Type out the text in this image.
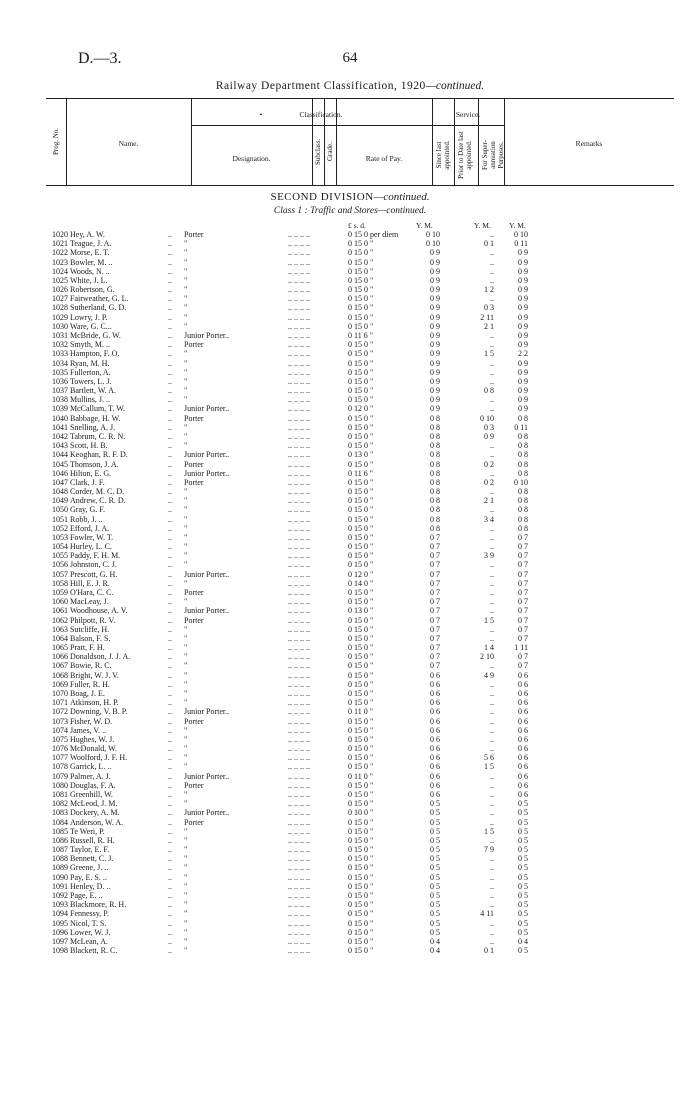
D.—3.	64
Railway Department Classification, 1920—continued.
Prog. No.	Name.
•	Classification.	Service.
Designation.	Subclass. Grade.	Rate of Pay.	Since last appointed. Prior to Date last appointed. For Super-annuation Purposes.	Remarks
SECOND DIVISION—continued.
Class 1 : Traffic and Stores—continued.
£ s. d.	Y. M.	Y. M. Y. M.
1020 Hey, A. W.	.. Porter	.. .. .. ..	0 15 0 per diem	0 10	..	0 10
1021 Teague, J. A.	.. "	.. .. .. ..	0 15 0 "	0 10	0 1	0 11
1022 Morse, E. T.	.. "	.. .. .. ..	0 15 0 "	0 9	..	0 9
1023 Bowler, M. ..	.. "	.. .. .. ..	0 15 0 "	0 9	..	0 9
1024 Woods, N. ..	.. "	.. .. .. ..	0 15 0 "	0 9	..	0 9
1025 White, J. L.	.. "	.. .. .. ..	0 15 0 "	0 9	..	0 9
1026 Robertson, G.	.. "	.. .. .. ..	0 15 0 "	0 9	1 2	0 9
1027 Fairweather, G. L.	.. "	.. .. .. ..	0 15 0 "	0 9	..	0 9
1028 Sutherland, G. D.	.. "	.. .. .. ..	0 15 0 "	0 9	0 3	0 9
1029 Lowry, J. P.	.. "	.. .. .. ..	0 15 0 "	0 9	2 11	0 9
1030 Ware, G. C...	.. "	.. .. .. ..	0 15 0 "	0 9	2 1	0 9
1031 McBride, G. W.	.. Junior Porter..	.. .. .. ..	0 11 6 "	0 9	..	0 9
1032 Smyth, M. ..	.. Porter	.. .. .. ..	0 15 0 "	0 9	..	0 9
1033 Hampton, F. O.	.. "	.. .. .. ..	0 15 0 "	0 9	1 5	2 2
1034 Ryan, M. H.	.. "	.. .. .. ..	0 15 0 "	0 9	..	0 9
1035 Fullerton, A.	.. "	.. .. .. ..	0 15 0 "	0 9	..	0 9
1036 Towers, L. J.	.. "	.. .. .. ..	0 15 0 "	0 9	..	0 9
1037 Bartlett, W. A.	.. "	.. .. .. ..	0 15 0 "	0 9	0 8	0 9
1038 Mullins, J. ..	.. "	.. .. .. ..	0 15 0 "	0 9	..	0 9
1039 McCallum, T. W.	.. Junior Porter..	.. .. .. ..	0 12 0 "	0 9	..	0 9
1040 Babbage, H. W.	.. Porter	.. .. .. ..	0 15 0 "	0 8	0 10	0 8
1041 Snelling, A. J.	.. "	.. .. .. ..	0 15 0 "	0 8	0 3	0 11
1042 Tabrum, C. R. N.	.. "	.. .. .. ..	0 15 0 "	0 8	0 9	0 8
1043 Scott, H. B.	.. "	.. .. .. ..	0 15 0 "	0 8	..	0 8
1044 Keoghan, R. F. D.	.. Junior Porter..	.. .. .. ..	0 13 0 "	0 8	..	0 8
1045 Thomson, J. A.	.. Porter	.. .. .. ..	0 15 0 "	0 8	0 2	0 8
1046 Hilton, E. G.	.. Junior Porter..	.. .. .. ..	0 11 6 "	0 8	..	0 8
1047 Clark, J. F.	.. Porter	.. .. .. ..	0 15 0 "	0 8	0 2	0 10
1048 Corder, M. C. D.	.. "	.. .. .. ..	0 15 0 "	0 8	..	0 8
1049 Andrew, C. R. D.	.. "	.. .. .. ..	0 15 0 "	0 8	2 1	0 8
1050 Gray, G. F.	.. "	.. .. .. ..	0 15 0 "	0 8	..	0 8
1051 Robb, J. ..	.. "	.. .. .. ..	0 15 0 "	0 8	3 4	0 8
1052 Efford, J. A.	.. "	.. .. .. ..	0 15 0 "	0 8	..	0 8
1053 Fowler, W. T.	.. "	.. .. .. ..	0 15 0 "	0 7	..	0 7
1054 Hurley, L. C.	.. "	.. .. .. ..	0 15 0 "	0 7	..	0 7
1055 Paddy, F. H. M.	.. "	.. .. .. ..	0 15 0 "	0 7	3 9	0 7
1056 Johnston, C. J.	.. "	.. .. .. ..	0 15 0 "	0 7	..	0 7
1057 Prescott, G. H.	.. Junior Porter..	.. .. .. ..	0 12 0 "	0 7	..	0 7
1058 Hill, E. J. R.	.. "	.. .. .. ..	0 14 0 "	0 7	..	0 7
1059 O'Hara, C. C.	.. Porter	.. .. .. ..	0 15 0 "	0 7	..	0 7
1060 MacLeay, J.	.. "	.. .. .. ..	0 15 0 "	0 7	..	0 7
1061 Woodhouse, A. V.	.. Junior Porter..	.. .. .. ..	0 13 0 "	0 7	..	0 7
1062 Philpott, R. V.	.. Porter	.. .. .. ..	0 15 0 "	0 7	1 5	0 7
1063 Sutcliffe, H.	.. "	.. .. .. ..	0 15 0 "	0 7	..	0 7
1064 Balson, F. S.	.. "	.. .. .. ..	0 15 0 "	0 7	..	0 7
1065 Pratt, F. H.	.. "	.. .. .. ..	0 15 0 "	0 7	1 4	1 11
1066 Donaldson, J. J. A.	.. "	.. .. .. ..	0 15 0 "	0 7	2 10	0 7
1067 Bowie, R. C.	.. "	.. .. .. ..	0 15 0 "	0 7	..	0 7
1068 Bright, W. J. V.	.. "	.. .. .. ..	0 15 0 "	0 6	4 9	0 6
1069 Fuller, R. H.	.. "	.. .. .. ..	0 15 0 "	0 6	..	0 6
1070 Boag, J. E.	.. "	.. .. .. ..	0 15 0 "	0 6	..	0 6
1071 Atkinson, H. P.	.. "	.. .. .. ..	0 15 0 "	0 6	..	0 6
1072 Downing, V. B. P.	.. Junior Porter..	.. .. .. ..	0 11 0 "	0 6	..	0 6
1073 Fisher, W. D.	.. Porter	.. .. .. ..	0 15 0 "	0 6	..	0 6
1074 James, V. ..	.. "	.. .. .. ..	0 15 0 "	0 6	..	0 6
1075 Hughes, W. J.	.. "	.. .. .. ..	0 15 0 "	0 6	..	0 6
1076 McDonald, W.	.. "	.. .. .. ..	0 15 0 "	0 6	..	0 6
1077 Woolford, J. F. H.	.. "	.. .. .. ..	0 15 0 "	0 6	5 6	0 6
1078 Garrick, L. ..	.. "	.. .. .. ..	0 15 0 "	0 6	1 5	0 6
1079 Palmer, A. J.	.. Junior Porter..	.. .. .. ..	0 11 0 "	0 6	..	0 6
1080 Douglas, F. A.	.. Porter	.. .. .. ..	0 15 0 "	0 6	..	0 6
1081 Greenhill, W.	.. "	.. .. .. ..	0 15 0 "	0 6	..	0 6
1082 McLeod, J. M.	.. "	.. .. .. ..	0 15 0 "	0 5	..	0 5
1083 Dockery, A. M.	.. Junior Porter..	.. .. .. ..	0 10 0 "	0 5	..	0 5
1084 Anderson, W. A.	.. Porter	.. .. .. ..	0 15 0 "	0 5	..	0 5
1085 Te Weri, P.	.. "	.. .. .. ..	0 15 0 "	0 5	1 5	0 5
1086 Russell, R. H.	.. "	.. .. .. ..	0 15 0 "	0 5	..	0 5
1087 Taylor, E. F.	.. "	.. .. .. ..	0 15 0 "	0 5	7 9	0 5
1088 Bennett, C. J.	.. "	.. .. .. ..	0 15 0 "	0 5	..	0 5
1089 Greene, J. ..	.. "	.. .. .. ..	0 15 0 "	0 5	..	0 5
1090 Pay, E. S. ..	.. "	.. .. .. ..	0 15 0 "	0 5	..	0 5
1091 Henley, D. ..	.. "	.. .. .. ..	0 15 0 "	0 5	..	0 5
1092 Page, E. ..	.. "	.. .. .. ..	0 15 0 "	0 5	..	0 5
1093 Blackmore, R. H.	.. "	.. .. .. ..	0 15 0 "	0 5	..	0 5
1094 Fennessy, P.	.. "	.. .. .. ..	0 15 0 "	0 5	4 11	0 5
1095 Nicol, T. S.	.. "	.. .. .. ..	0 15 0 "	0 5	..	0 5
1096 Lower, W. J.	.. "	.. .. .. ..	0 15 0 "	0 5	..	0 5
1097 McLean, A.	.. "	.. .. .. ..	0 15 0 "	0 4	..	0 4
1098 Blackett, R. C.	.. "	.. .. .. ..	0 15 0 "	0 4	0 1	0 5
